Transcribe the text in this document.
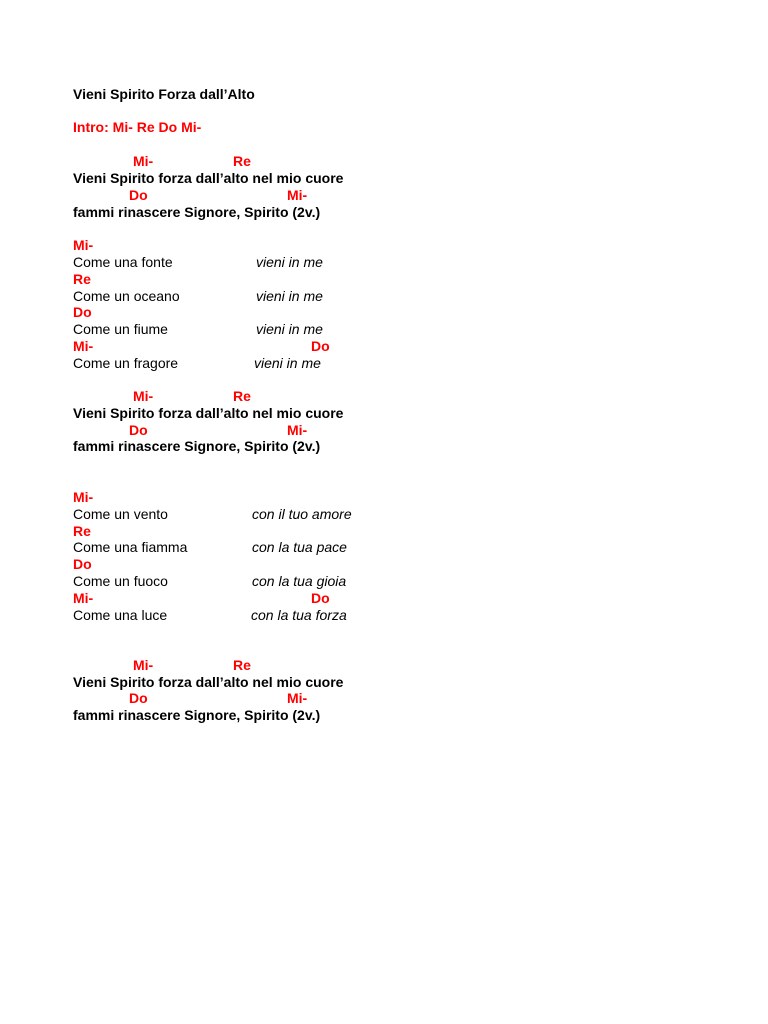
Vieni Spirito Forza dall’Alto
Intro: Mi- Re Do Mi-
Mi-	Re
Vieni Spirito forza dall’alto nel mio cuore
Do	Mi-
fammi rinascere Signore, Spirito (2v.)
Mi-
Come una fonte	vieni in me
Re
Come un oceano	vieni in me
Do
Come un fiume	vieni in me
Mi-	Do
Come un fragore	vieni in me
Mi-	Re
Vieni Spirito forza dall’alto nel mio cuore
Do	Mi-
fammi rinascere Signore, Spirito (2v.)
Mi-
Come un vento	con il tuo amore
Re
Come una fiamma	con la tua pace
Do
Come un fuoco	con la tua gioia
Mi-	Do
Come una luce	con la tua forza
Mi-	Re
Vieni Spirito forza dall’alto nel mio cuore
Do	Mi-
fammi rinascere Signore, Spirito (2v.)
